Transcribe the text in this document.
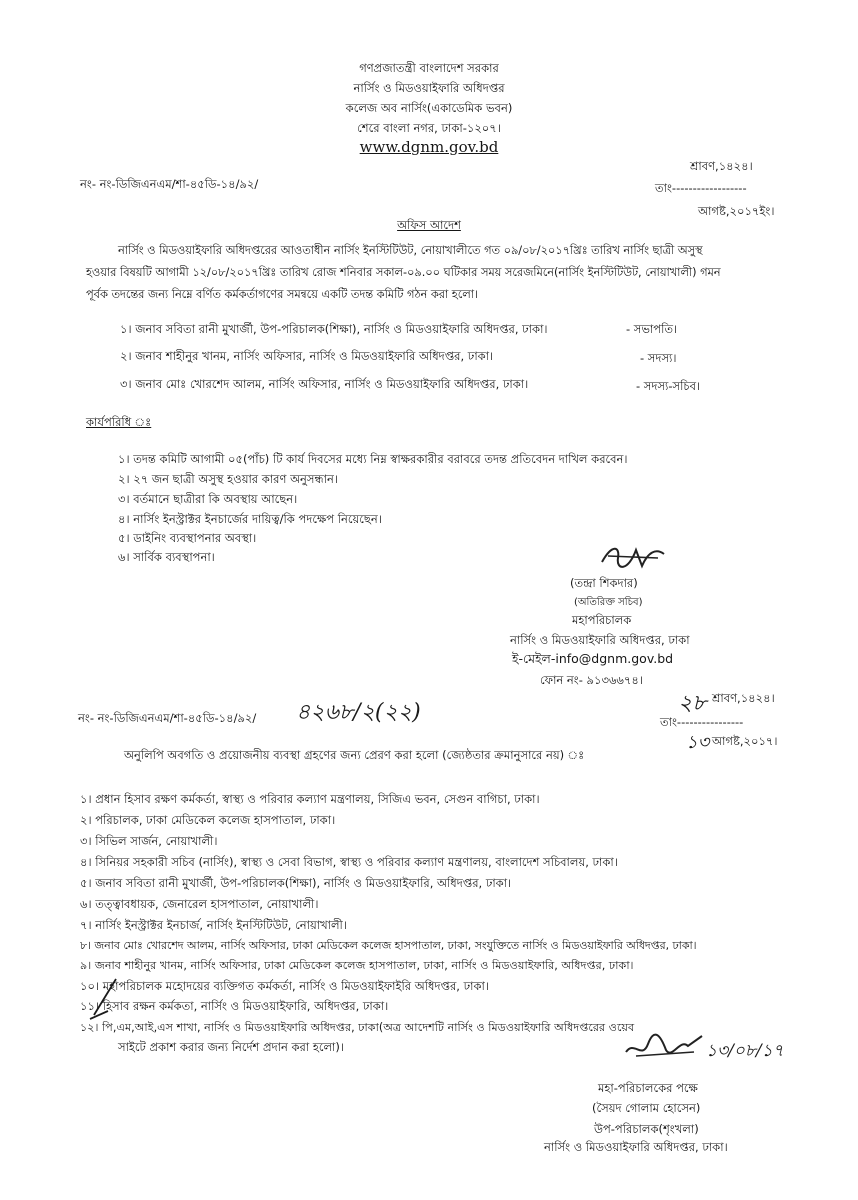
গণপ্রজাতন্ত্রী বাংলাদেশ সরকার
নার্সিং ও মিডওয়াইফারি অধিদপ্তর
কলেজ অব নার্সিং(একাডেমিক ভবন)
শেরে বাংলা নগর, ঢাকা-১২০৭।
www.dgnm.gov.bd
নং- নং-ডিজিএনএম/শা-৪৫ডি-১৪/৯২/
শ্রাবণ,১৪২৪।
তাং------------------
আগষ্ট,২০১৭ইং।
অফিস আদেশ
নার্সিং ও মিডওয়াইফারি অধিদপ্তরের আওতাধীন নার্সিং ইনস্টিটিউট, নোয়াখালীতে গত ০৯/০৮/২০১৭খ্রিঃ তারিখ নার্সিং ছাত্রী অসুস্থ
হওয়ার বিষয়টি আগামী ১২/০৮/২০১৭খ্রিঃ তারিখ রোজ শনিবার সকাল-০৯.০০ ঘটিকার সময় সরেজমিনে(নার্সিং ইনস্টিটিউট, নোয়াখালী) গমন
পূর্বক তদন্তের জন্য নিম্নে বর্ণিত কর্মকর্তাগণের সমন্বয়ে একটি তদন্ত কমিটি গঠন করা হলো।
১। জনাব সবিতা রানী মুখার্জী, উপ-পরিচালক(শিক্ষা), নার্সিং ও মিডওয়াইফারি অধিদপ্তর, ঢাকা।	- সভাপতি।
২। জনাব শাহীনুর খানম, নার্সিং অফিসার, নার্সিং ও মিডওয়াইফারি অধিদপ্তর, ঢাকা।	- সদস্য।
৩। জনাব মোঃ খোরশেদ আলম, নার্সিং অফিসার, নার্সিং ও মিডওয়াইফারি অধিদপ্তর, ঢাকা।	- সদস্য-সচিব।
কার্যপরিধি ঃ
১। তদন্ত কমিটি আগামী ০৫(পাঁচ) টি কার্য দিবসের মধ্যে নিম্ন স্বাক্ষরকারীর বরাবরে তদন্ত প্রতিবেদন দাখিল করবেন।
২। ২৭ জন ছাত্রী অসুস্থ হওয়ার কারণ অনুসন্ধান।
৩। বর্তমানে ছাত্রীরা কি অবস্থায় আছেন।
৪। নার্সিং ইনস্ট্রাক্টর ইনচার্জের দায়িত্ব/কি পদক্ষেপ নিয়েছেন।
৫। ডাইনিং ব্যবস্থাপনার অবস্থা।
৬। সার্বিক ব্যবস্থাপনা।
(তন্দ্রা শিকদার)
(অতিরিক্ত সচিব)
মহাপরিচালক
নার্সিং ও মিডওয়াইফারি অধিদপ্তর, ঢাকা
ই-মেইল-info@dgnm.gov.bd
ফোন নং- ৯১৩৬৬৭৪।
নং- নং-ডিজিএনএম/শা-৪৫ডি-১৪/৯২/ ৪২৬৮/২(২২)	২৮ শ্রাবণ,১৪২৪।
তাং----------------
১৩ আগষ্ট,২০১৭।
অনুলিপি অবগতি ও প্রয়োজনীয় ব্যবস্থা গ্রহণের জন্য প্রেরণ করা হলো (জ্যেষ্ঠতার ক্রমানুসারে নয়) ঃ
১। প্রধান হিসাব রক্ষণ কর্মকর্তা, স্বাস্থ্য ও পরিবার কল্যাণ মন্ত্রণালয়, সিজিএ ভবন, সেগুন বাগিচা, ঢাকা।
২। পরিচালক, ঢাকা মেডিকেল কলেজ হাসপাতাল, ঢাকা।
৩। সিভিল সার্জন, নোয়াখালী।
৪। সিনিয়র সহকারী সচিব (নার্সিং), স্বাস্থ্য ও সেবা বিভাগ, স্বাস্থ্য ও পরিবার কল্যাণ মন্ত্রণালয়, বাংলাদেশ সচিবালয়, ঢাকা।
৫। জনাব সবিতা রানী মুখার্জী, উপ-পরিচালক(শিক্ষা), নার্সিং ও মিডওয়াইফারি, অধিদপ্তর, ঢাকা।
৬। তত্ত্বাবধায়ক, জেনারেল হাসপাতাল, নোয়াখালী।
৭। নার্সিং ইনস্ট্রাক্টর ইনচার্জ, নার্সিং ইনস্টিটিউট, নোয়াখালী।
৮। জনাব মোঃ খোরশেদ আলম, নার্সিং অফিসার, ঢাকা মেডিকেল কলেজ হাসপাতাল, ঢাকা, সংযুক্তিতে নার্সিং ও মিডওয়াইফারি অধিদপ্তর, ঢাকা।
৯। জনাব শাহীনুর খানম, নার্সিং অফিসার, ঢাকা মেডিকেল কলেজ হাসপাতাল, ঢাকা, নার্সিং ও মিডওয়াইফারি, অধিদপ্তর, ঢাকা।
১০। মহাপরিচালক মহোদয়ের ব্যক্তিগত কর্মকর্তা, নার্সিং ও মিডওয়াইফাইরি অধিদপ্তর, ঢাকা।
১১। হিসাব রক্ষন কর্মকতা, নার্সিং ও মিডওয়াইফারি, অধিদপ্তর, ঢাকা।
১২। পি,এম,আই,এস শাখা, নার্সিং ও মিডওয়াইফারি অধিদপ্তর, ঢাকা(অত্র আদেশটি নার্সিং ও মিডওয়াইফারি অধিদপ্তরের ওয়েব
সাইটে প্রকাশ করার জন্য নির্দেশ প্রদান করা হলো)।	১৩/০৮/১৭
মহা-পরিচালকের পক্ষে
(সৈয়দ গোলাম হোসেন)
উপ-পরিচালক(শৃংখলা)
নার্সিং ও মিডওয়াইফারি অধিদপ্তর, ঢাকা।
